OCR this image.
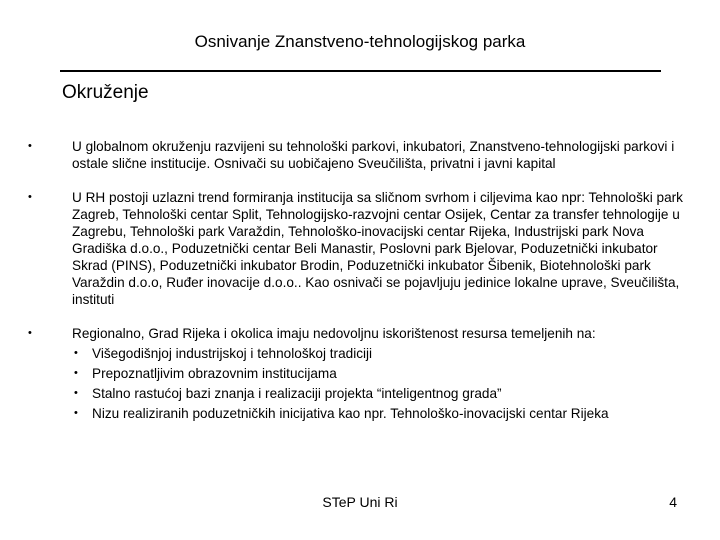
Osnivanje Znanstveno-tehnologijskog parka
Okruženje
•	U globalnom okruženju razvijeni su tehnološki parkovi, inkubatori, Znanstveno-tehnologijski parkovi i ostale slične institucije. Osnivači su uobičajeno Sveučilišta, privatni i javni kapital
•	U RH postoji uzlazni trend formiranja institucija sa sličnom svrhom i ciljevima kao npr: Tehnološki park Zagreb, Tehnološki centar Split, Tehnologijsko-razvojni centar Osijek, Centar za transfer tehnologije u Zagrebu, Tehnološki park Varaždin, Tehnološko-inovacijski centar Rijeka, Industrijski park Nova Gradiška d.o.o., Poduzetnički centar Beli Manastir, Poslovni park Bjelovar, Poduzetnički inkubator Skrad (PINS), Poduzetnički inkubator Brodin, Poduzetnički inkubator Šibenik, Biotehnološki park Varaždin d.o.o, Ruđer inovacije d.o.o.. Kao osnivači se pojavljuju jedinice lokalne uprave, Sveučilišta, instituti
•	Regionalno, Grad Rijeka i okolica imaju nedovoljnu iskorištenost resursa temeljenih na:
• Višegodišnjoj industrijskoj i tehnološkoj tradiciji
• Prepoznatljivim obrazovnim institucijama
• Stalno rastućoj bazi znanja i realizaciji projekta “inteligentnog grada”
• Nizu realiziranih poduzetničkih inicijativa kao npr. Tehnološko-inovacijski centar Rijeka
STeP Uni Ri	4
